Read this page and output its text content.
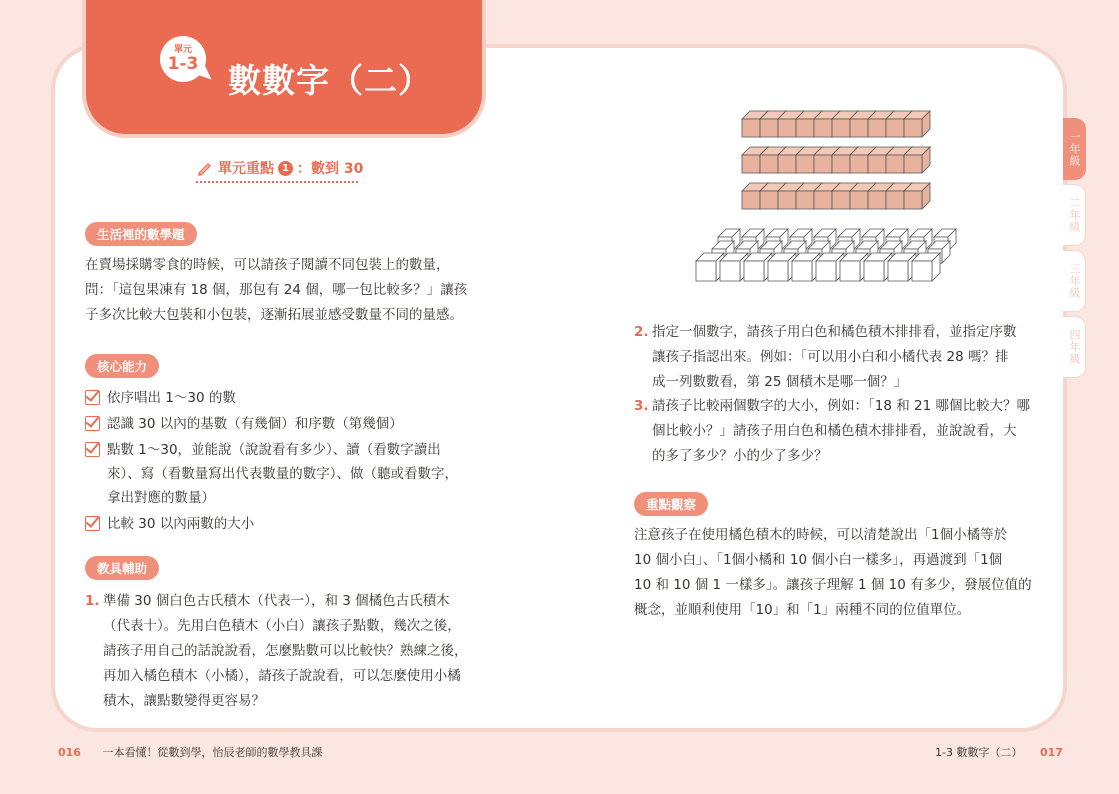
單元
1-3 數數字（二）
單元重點 1 ：數到 30
生活裡的數學題
在賣場採購零食的時候，可以請孩子閱讀不同包裝上的數量，
問：「這包果凍有 18 個，那包有 24 個，哪一包比較多？」讓孩
子多次比較大包裝和小包裝，逐漸拓展並感受數量不同的量感。
核心能力
依序唱出 1～30 的數
認識 30 以內的基數（有幾個）和序數（第幾個）
點數 1～30，並能說（說說看有多少）、讀（看數字讀出
來）、寫（看數量寫出代表數量的數字）、做（聽或看數字，
拿出對應的數量）
比較 30 以內兩數的大小
教具輔助
1. 準備 30 個白色古氏積木（代表一），和 3 個橘色古氏積木
（代表十）。先用白色積木（小白）讓孩子點數，幾次之後，
請孩子用自己的話說說看，怎麼點數可以比較快？熟練之後，
再加入橘色積木（小橘），請孩子說說看，可以怎麼使用小橘
積木，讓點數變得更容易？
2. 指定一個數字，請孩子用白色和橘色積木排排看，並指定序數
讓孩子指認出來。例如：「可以用小白和小橘代表 28 嗎？排
成一列數數看，第 25 個積木是哪一個？」
3. 請孩子比較兩個數字的大小，例如：「18 和 21 哪個比較大？哪
個比較小？」請孩子用白色和橘色積木排排看，並說說看，大
的多了多少？小的少了多少？
重點觀察
注意孩子在使用橘色積木的時候，可以清楚說出「1個小橘等於
10 個小白」、「1個小橘和 10 個小白一樣多」，再過渡到「1個
10 和 10 個 1 一樣多」。讓孩子理解 1 個 10 有多少，發展位值的
概念，並順利使用「10」和「1」兩種不同的位值單位。
一年級
二年級
三年級
四年級
016 一本看懂！從數到學，怡辰老師的數學教具課	1-3 數數字（二） 017
